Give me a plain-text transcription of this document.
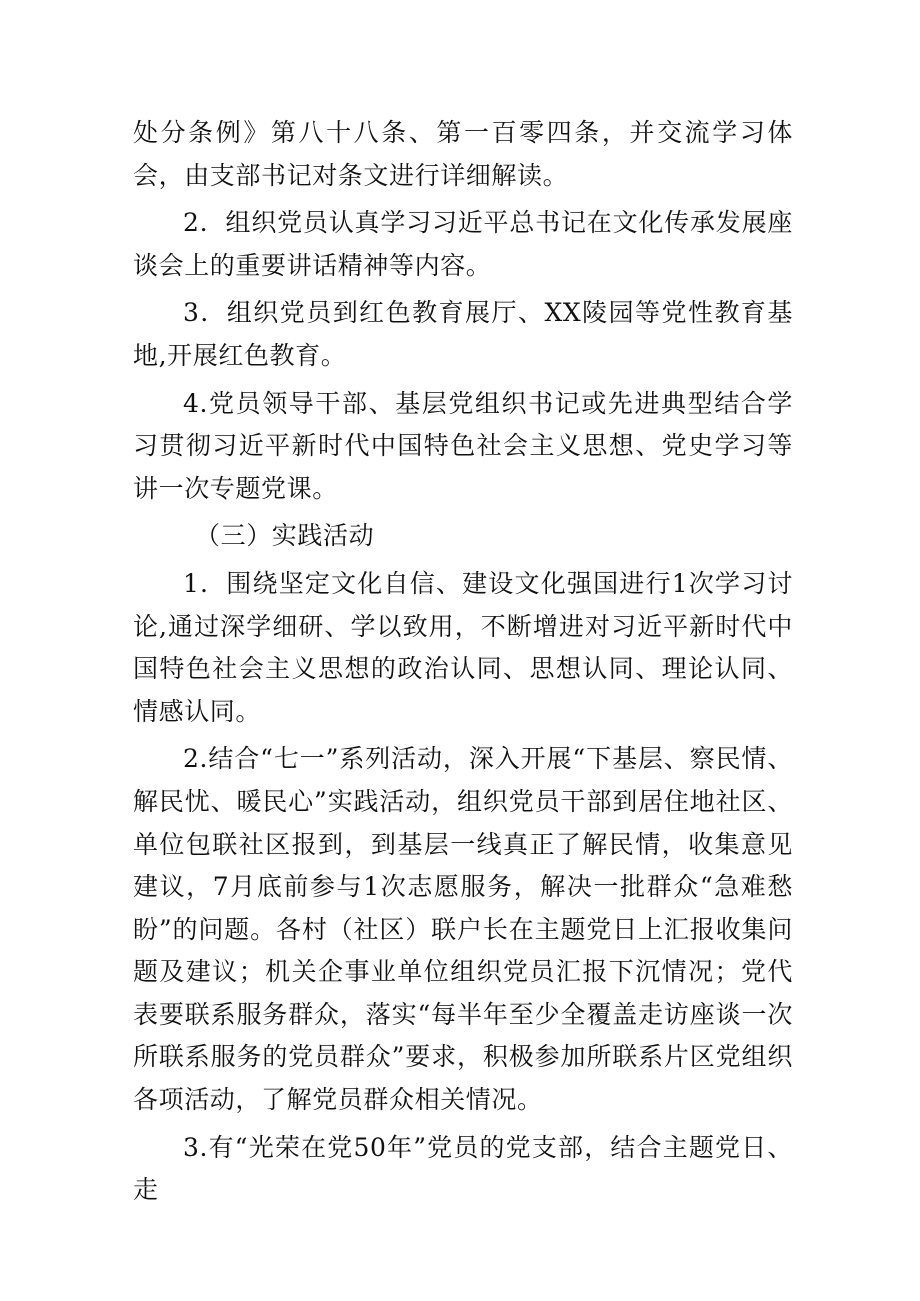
处分条例》第八十八条、第一百零四条，并交流学习体会，由支部书记对条文进行详细解读。

2．组织党员认真学习习近平总书记在文化传承发展座谈会上的重要讲话精神等内容。

3．组织党员到红色教育展厅、XX陵园等党性教育基地,开展红色教育。

4.党员领导干部、基层党组织书记或先进典型结合学习贯彻习近平新时代中国特色社会主义思想、党史学习等讲一次专题党课。

（三）实践活动

1．围绕坚定文化自信、建设文化强国进行1次学习讨论,通过深学细研、学以致用，不断增进对习近平新时代中国特色社会主义思想的政治认同、思想认同、理论认同、情感认同。

2.结合“七一”系列活动，深入开展“下基层、察民情、解民忧、暖民心”实践活动，组织党员干部到居住地社区、单位包联社区报到，到基层一线真正了解民情，收集意见建议，7月底前参与1次志愿服务，解决一批群众“急难愁盼”的问题。各村（社区）联户长在主题党日上汇报收集问题及建议；机关企事业单位组织党员汇报下沉情况；党代表要联系服务群众，落实“每半年至少全覆盖走访座谈一次所联系服务的党员群众”要求，积极参加所联系片区党组织各项活动，了解党员群众相关情况。

3.有“光荣在党50年”党员的党支部，结合主题党日、走
